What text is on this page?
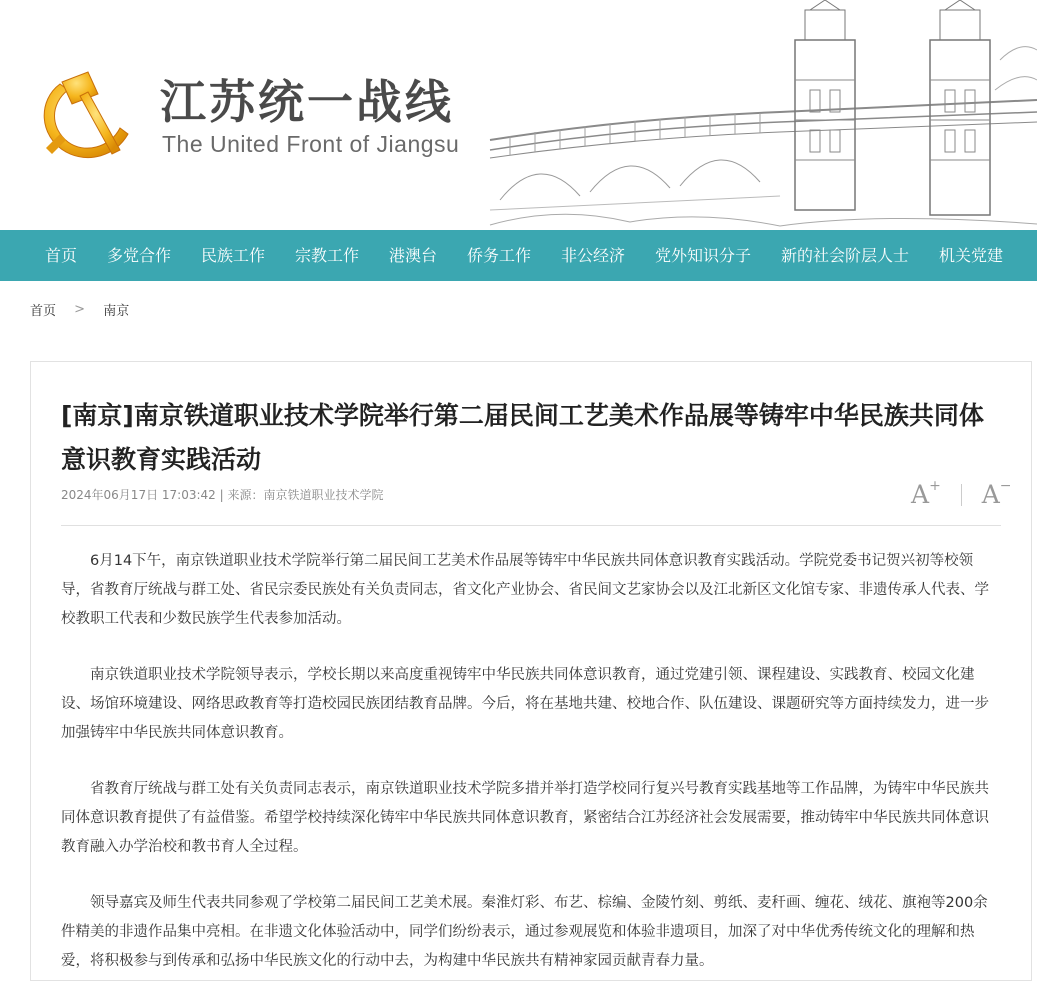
江苏统一战线
The United Front of Jiangsu
首页 多党合作 民族工作 宗教工作 港澳台 侨务工作 非公经济 党外知识分子 新的社会阶层人士 机关党建
首页 > 南京
[南京]南京铁道职业技术学院举行第二届民间工艺美术作品展等铸牢中华民族共同体意识教育实践活动
2024年06月17日 17:03:42 | 来源：南京铁道职业技术学院	A+ A−

6月14下午，南京铁道职业技术学院举行第二届民间工艺美术作品展等铸牢中华民族共同体意识教育实践活动。学院党委书记贺兴初等校领导，省教育厅统战与群工处、省民宗委民族处有关负责同志，省文化产业协会、省民间文艺家协会以及江北新区文化馆专家、非遗传承人代表、学校教职工代表和少数民族学生代表参加活动。

南京铁道职业技术学院领导表示，学校长期以来高度重视铸牢中华民族共同体意识教育，通过党建引领、课程建设、实践教育、校园文化建设、场馆环境建设、网络思政教育等打造校园民族团结教育品牌。今后，将在基地共建、校地合作、队伍建设、课题研究等方面持续发力，进一步加强铸牢中华民族共同体意识教育。

省教育厅统战与群工处有关负责同志表示，南京铁道职业技术学院多措并举打造学校同行复兴号教育实践基地等工作品牌，为铸牢中华民族共同体意识教育提供了有益借鉴。希望学校持续深化铸牢中华民族共同体意识教育，紧密结合江苏经济社会发展需要，推动铸牢中华民族共同体意识教育融入办学治校和教书育人全过程。

领导嘉宾及师生代表共同参观了学校第二届民间工艺美术展。秦淮灯彩、布艺、棕编、金陵竹刻、剪纸、麦秆画、缠花、绒花、旗袍等200余件精美的非遗作品集中亮相。在非遗文化体验活动中，同学们纷纷表示，通过参观展览和体验非遗项目，加深了对中华优秀传统文化的理解和热爱，将积极参与到传承和弘扬中华民族文化的行动中去，为构建中华民族共有精神家园贡献青春力量。
